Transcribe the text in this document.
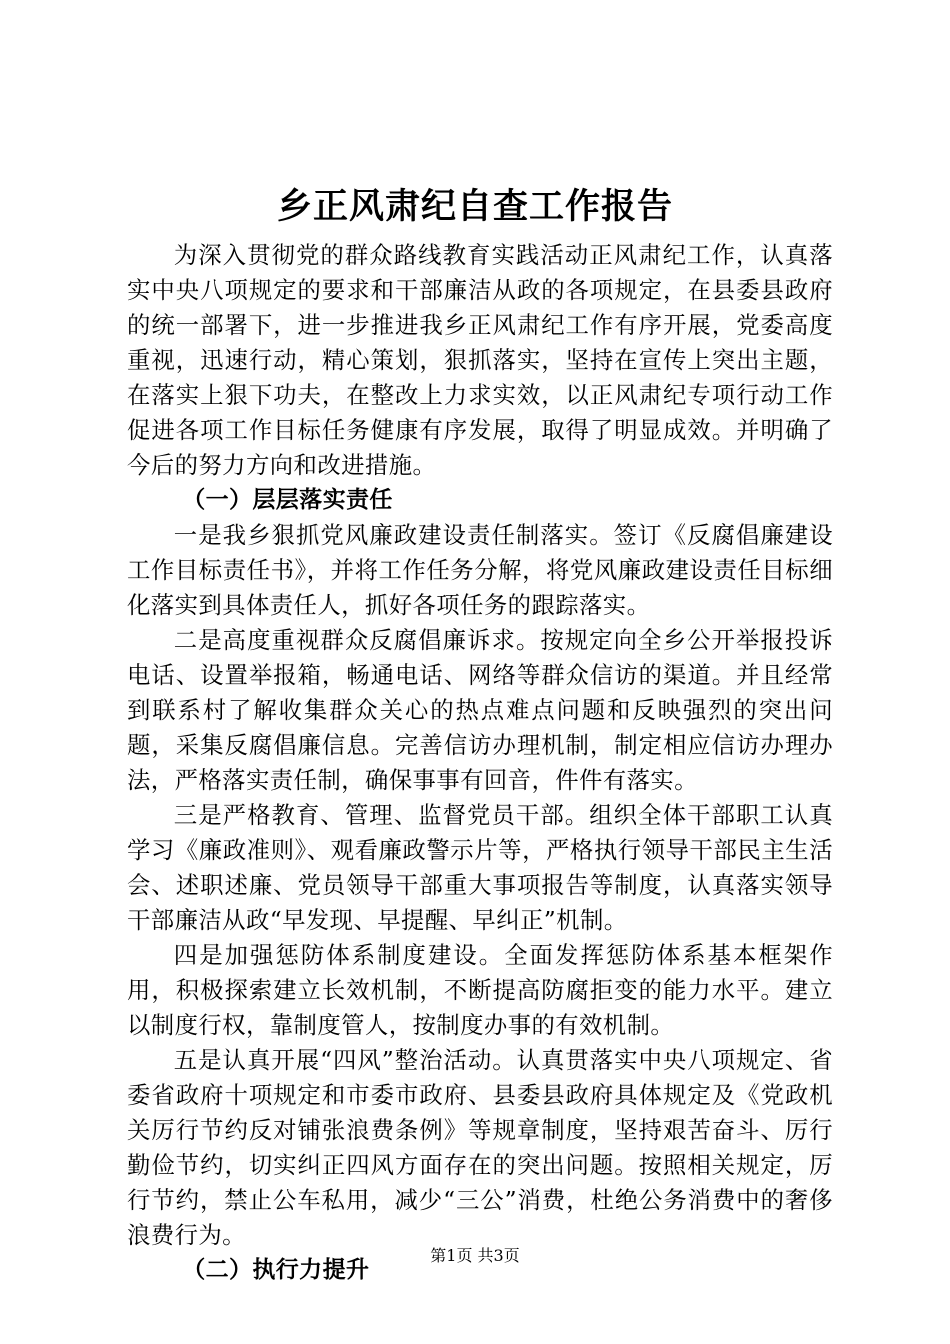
乡正风肃纪自查工作报告

为深入贯彻党的群众路线教育实践活动正风肃纪工作，认真落实中央八项规定的要求和干部廉洁从政的各项规定，在县委县政府的统一部署下，进一步推进我乡正风肃纪工作有序开展，党委高度重视，迅速行动，精心策划，狠抓落实，坚持在宣传上突出主题，在落实上狠下功夫，在整改上力求实效，以正风肃纪专项行动工作促进各项工作目标任务健康有序发展，取得了明显成效。并明确了今后的努力方向和改进措施。

（一）层层落实责任

一是我乡狠抓党风廉政建设责任制落实。签订《反腐倡廉建设工作目标责任书》，并将工作任务分解，将党风廉政建设责任目标细化落实到具体责任人，抓好各项任务的跟踪落实。

二是高度重视群众反腐倡廉诉求。按规定向全乡公开举报投诉电话、设置举报箱，畅通电话、网络等群众信访的渠道。并且经常到联系村了解收集群众关心的热点难点问题和反映强烈的突出问题，采集反腐倡廉信息。完善信访办理机制，制定相应信访办理办法，严格落实责任制，确保事事有回音，件件有落实。

三是严格教育、管理、监督党员干部。组织全体干部职工认真学习《廉政准则》、观看廉政警示片等，严格执行领导干部民主生活会、述职述廉、党员领导干部重大事项报告等制度，认真落实领导干部廉洁从政“早发现、早提醒、早纠正”机制。

四是加强惩防体系制度建设。全面发挥惩防体系基本框架作用，积极探索建立长效机制，不断提高防腐拒变的能力水平。建立以制度行权，靠制度管人，按制度办事的有效机制。

五是认真开展“四风”整治活动。认真贯落实中央八项规定、省委省政府十项规定和市委市政府、县委县政府具体规定及《党政机关厉行节约反对铺张浪费条例》等规章制度，坚持艰苦奋斗、厉行勤俭节约，切实纠正四风方面存在的突出问题。按照相关规定，厉行节约，禁止公车私用，减少“三公”消费，杜绝公务消费中的奢侈浪费行为。

（二）执行力提升

第1页 共3页
